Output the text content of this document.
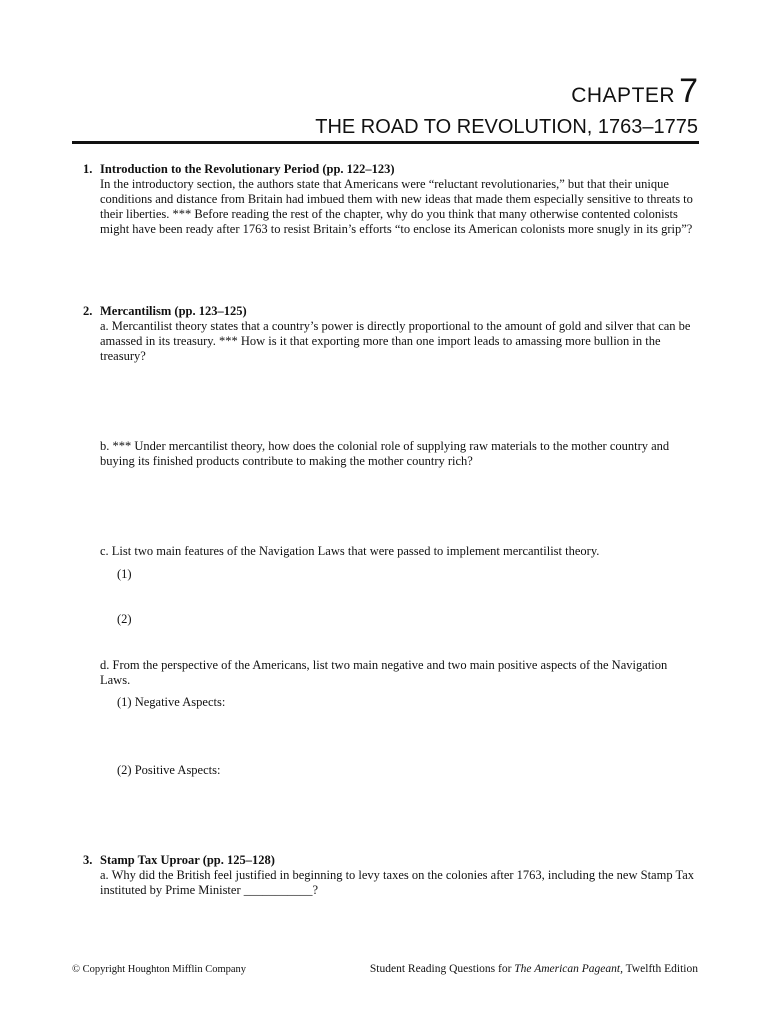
CHAPTER 7
THE ROAD TO REVOLUTION, 1763–1775
1. Introduction to the Revolutionary Period (pp. 122–123)
In the introductory section, the authors state that Americans were “reluctant revolutionaries,” but that their unique conditions and distance from Britain had imbued them with new ideas that made them especially sensitive to threats to their liberties. *** Before reading the rest of the chapter, why do you think that many otherwise contented colonists might have been ready after 1763 to resist Britain’s efforts “to enclose its American colonists more snugly in its grip”?
2. Mercantilism (pp. 123–125)
a. Mercantilist theory states that a country’s power is directly proportional to the amount of gold and silver that can be amassed in its treasury. *** How is it that exporting more than one import leads to amassing more bullion in the treasury?
b. *** Under mercantilist theory, how does the colonial role of supplying raw materials to the mother country and buying its finished products contribute to making the mother country rich?
c. List two main features of the Navigation Laws that were passed to implement mercantilist theory.
(1)
(2)
d. From the perspective of the Americans, list two main negative and two main positive aspects of the Navigation Laws.
(1) Negative Aspects:
(2) Positive Aspects:
3. Stamp Tax Uproar (pp. 125–128)
a. Why did the British feel justified in beginning to levy taxes on the colonies after 1763, including the new Stamp Tax instituted by Prime Minister ___________?
© Copyright Houghton Mifflin Company	Student Reading Questions for The American Pageant, Twelfth Edition
